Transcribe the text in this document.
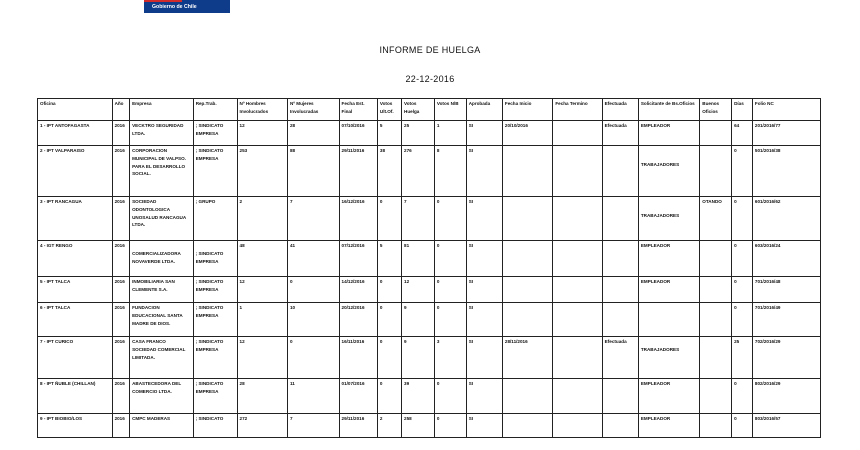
Gobierno de Chile
INFORME DE HUELGA
22-12-2016
Oficina	Año	Empresa	Rep.Trab.	Nº Hombres Involucrados	Nº Mujeres Involucradas	Fecha Est. Final	Votos Ult.Of.	Votos Huelga	Votos N/B	Aprobada	Fecha Inicio	Fecha Termino	Efectuada	Solicitante de Bs.Oficios	Buenos Oficios	Días	Folio NC
1 - IPT ANTOFAGASTA	2016	VECKTRO SEGURIDAD LTDA.	; SINDICATO EMPRESA	12	28	07/10/2016	5	25	1	SI	20/10/2016		Efectuada	EMPLEADOR		64	201/2016/77
2 - IPT VALPARAISO	2016	CORPORACION MUNICIPAL DE VALPSO. PARA EL DESARROLLO SOCIAL.	; SINDICATO EMPRESA	253	88	29/11/2016	38	276	8	SI				TRABAJADORES		0	501/2016/38
3 - IPT RANCAGUA	2016	SOCIEDAD ODONTOLOGICA UNOSALUD RANCAGUA LTDA.	; GRUPO	2	7	16/12/2016	0	7	0	SI				TRABAJADORES	OTANDO	0	601/2016/62
4 - IGT RENGO	2016	COMERCIALIZADORA NOVAVERDE LTDA.	; SINDICATO EMPRESA	48	41	07/12/2016	5	81	0	SI				EMPLEADOR		0	603/2016/24
5 - IPT TALCA	2016	INMOBILIARIA SAN CLEMENTE S.A.	; SINDICATO EMPRESA	12	0	14/12/2016	0	12	0	SI				EMPLEADOR		0	701/2016/48
6 - IPT TALCA	2016	FUNDACION EDUCACIONAL SANTA MADRE DE DIOS.	; SINDICATO EMPRESA	1	10	20/12/2016	0	9	0	SI						0	701/2016/49
7 - IPT CURICO	2016	CASA FRANCO SOCIEDAD COMERCIAL LIMITADA.	; SINDICATO EMPRESA	12	0	16/11/2016	0	9	3	SI	28/11/2016		Efectuada	TRABAJADORES		25	702/2016/29
8 - IPT ÑUBLE (CHILLAN)	2016	ABASTECEDORA DEL COMERCIO LTDA.	; SINDICATO EMPRESA	28	11	01/07/2016	0	39	0	SI				EMPLEADOR		0	802/2016/29
9 - IPT BIOBIO/LOS	2016	CMPC MADERAS	; SINDICATO	272	7	29/11/2016	2	258	0	SI				EMPLEADOR		0	803/2016/57
